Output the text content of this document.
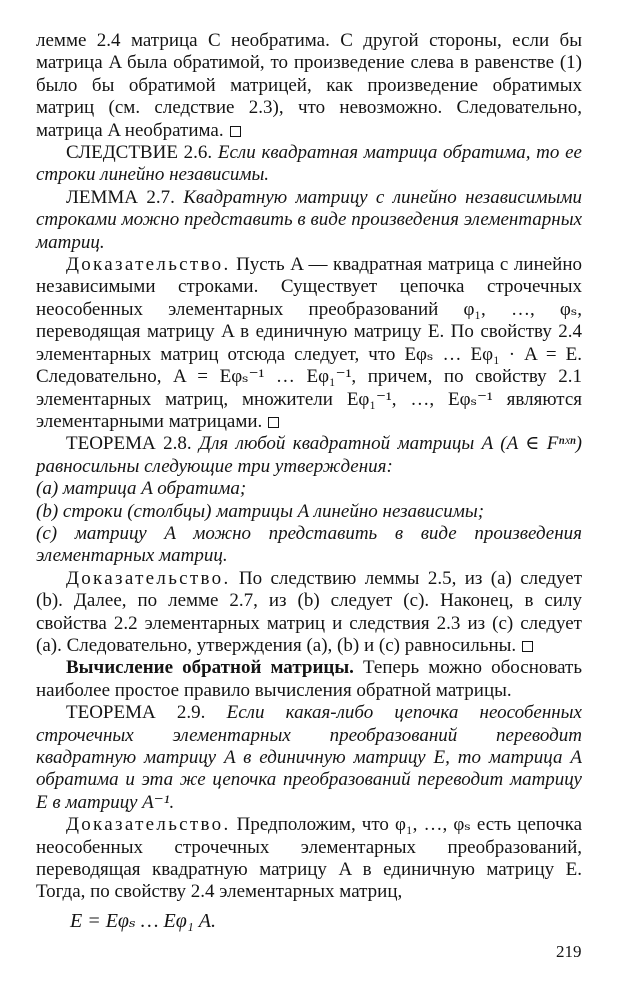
лемме 2.4 матрица C необратима. С другой стороны, если бы матрица A была обратимой, то произведение слева в равенстве (1) было бы обратимой матрицей, как произведение обратимых матриц (см. следствие 2.3), что невозможно. Следовательно, матрица A необратима.

СЛЕДСТВИЕ 2.6. Если квадратная матрица обратима, то ее строки линейно независимы.

ЛЕММА 2.7. Квадратную матрицу с линейно независимыми строками можно представить в виде произведения элементарных матриц.

Доказательство. Пусть A — квадратная матрица с линейно независимыми строками. Существует цепочка строчечных неособенных элементарных преобразований φ₁, …, φₛ, переводящая матрицу A в единичную матрицу E. По свойству 2.4 элементарных матриц отсюда следует, что Eφₛ … Eφ₁ · A = E. Следовательно, A = Eφₛ⁻¹ … Eφ₁⁻¹, причем, по свойству 2.1 элементарных матриц, множители Eφ₁⁻¹, …, Eφₛ⁻¹ являются элементарными матрицами.

ТЕОРЕМА 2.8. Для любой квадратной матрицы A (A ∈ Fⁿˣⁿ) равносильны следующие три утверждения:

(a) матрица A обратима;

(b) строки (столбцы) матрицы A линейно независимы;

(c) матрицу A можно представить в виде произведения элементарных матриц.

Доказательство. По следствию леммы 2.5, из (a) следует (b). Далее, по лемме 2.7, из (b) следует (c). Наконец, в силу свойства 2.2 элементарных матриц и следствия 2.3 из (c) следует (a). Следовательно, утверждения (a), (b) и (c) равносильны.

Вычисление обратной матрицы. Теперь можно обосновать наиболее простое правило вычисления обратной матрицы.

ТЕОРЕМА 2.9. Если какая-либо цепочка неособенных строчечных элементарных преобразований переводит квадратную матрицу A в единичную матрицу E, то матрица A обратима и эта же цепочка преобразований переводит матрицу E в матрицу A⁻¹.

Доказательство. Предположим, что φ₁, …, φₛ есть цепочка неособенных строчечных элементарных преобразований, переводящая квадратную матрицу A в единичную матрицу E. Тогда, по свойству 2.4 элементарных матриц,

E = Eφₛ … Eφ₁ A.

219
